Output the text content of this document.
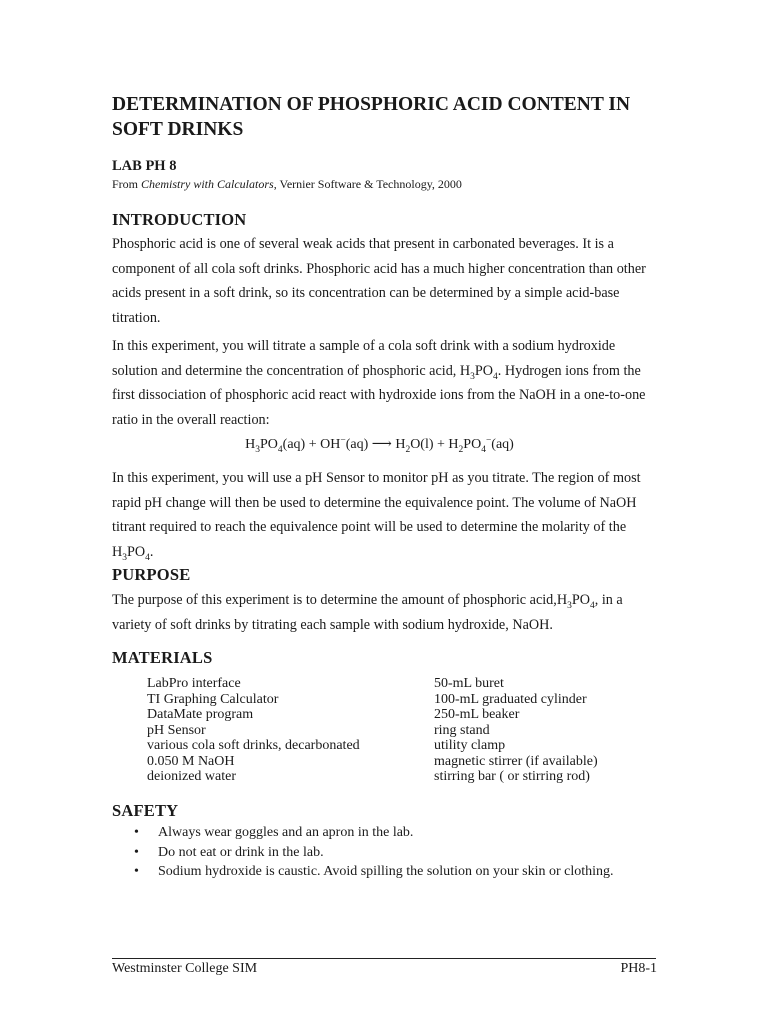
DETERMINATION OF PHOSPHORIC ACID CONTENT IN
SOFT DRINKS

LAB PH 8

From Chemistry with Calculators, Vernier Software & Technology, 2000

INTRODUCTION

Phosphoric acid is one of several weak acids that present in carbonated beverages. It is a component of all cola soft drinks. Phosphoric acid has a much higher concentration than other acids present in a soft drink, so its concentration can be determined by a simple acid-base titration.

In this experiment, you will titrate a sample of a cola soft drink with a sodium hydroxide solution and determine the concentration of phosphoric acid, $H_3PO_4$. Hydrogen ions from the first dissociation of phosphoric acid react with hydroxide ions from the NaOH in a one-to-one ratio in the overall reaction:

$H_3PO_4(aq) + OH^-(aq)$ ⟶ $H_2O(l) + H_2PO_4^-(aq)$

In this experiment, you will use a pH Sensor to monitor pH as you titrate. The region of most rapid pH change will then be used to determine the equivalence point. The volume of NaOH titrant required to reach the equivalence point will be used to determine the molarity of the $H_3PO_4$.

PURPOSE

The purpose of this experiment is to determine the amount of phosphoric $acid,H_3PO_4$, in a variety of soft drinks by titrating each sample with sodium hydroxide, NaOH.

MATERIALS
LabPro interface
TI Graphing Calculator
DataMate program
pH Sensor
various cola soft drinks, decarbonated
0.050 M NaOH
deionized water
50-mL buret
100-mL graduated cylinder
250-mL beaker
ring stand
utility clamp
magnetic stirrer (if available)
stirring bar ( or stirring rod)
SAFETY
• Always wear goggles and an apron in the lab.
• Do not eat or drink in the lab.
• Sodium hydroxide is caustic. Avoid spilling the solution on your skin or clothing.

Westminster College SIM	PH8-1
